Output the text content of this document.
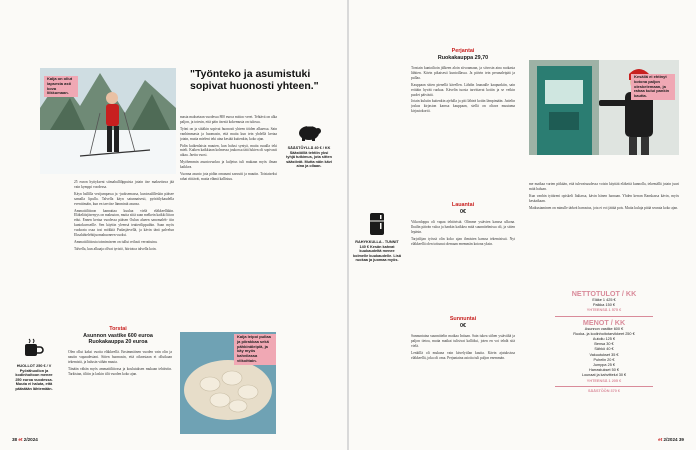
Kalja on ollut lapsesta asti kova liikkumaan.

25 euron hyttykseni siimahallilippuista jotain itse maksettava jää vain kymppi voodessa.

Käyn hallilla vesijumpassa ja -juoksemassa, kuntosalilleskin pääsee samalla lipulla. Talvella käyn satunnaisesti, pyöräilykaudella eventtimäin, kun en tarvitse lämmintä asunsa.

Ammattilittoon kannattaa kuulua vielä eläkkeelläkin. Eläkeläisjäsenyys on maksuton, mutta siitä saan melkein kaikki liiton edut. Ennen kertaa vuodessa pääsen Oulun alueen sanomaleh- tiin kuntokursseille. Sen käyttin yleensä teatterilippuihin. Saan myös vuokrata osaa tosi mökkiä Pudasjärvellä, ja kävin tänä palvelun Eksalahtelehtijuomahuoneen vuoksi.

Ammattiliittosta toimimiseen on tullut reilusti verrattuina.

Talvella, kun alkaaja ollvat tyristö, hiirtotoa talvella koin.

"Työnteko ja asumistuki sopivat huonosti yhteen."

masta maksetaan vuodessa 800 euroa mittoo veret. Tehtävä on alka paljon, ja totesin, että päin itsestä kokemusta on tulossa.

Työni on ja siitäkin sopivat huonosti yhteen töiden alkaessa. Sain vanhimmasta ja huomasin, että mutta kun tein yhdellä kertaa jotain, mutta mieleni teki aina kestää kuitenkin, koko ajan.

Pidin kaikenlaista muuten, kun halusi syntyä, mutta ruualla teki mieli. Kaiken kaikkiaan kolmessa joukossa tätä lukien oli sopivasti aikaa. Jaettu vuosi.

Myöhemmin asuntovuokra ja kuljetus tuli mukaan myös ilman kaikkea.

Vuonna asunto jota pidän omanani saavutti ja muutin. Toistaiseksi rahat riittävät, mutta elämä kallistuu.

SÄÄSTÖYLLÄ 40 € / KK Säästöillä tehtiin yksi tyhjä tutkimus, jota sitten säästivät. Mutta näin kävi aina ja ollaan.
HUOLLOT 250 € / V Pyörähuollon ja kodinhoitoon menee 250 euroa vuodessa. Muuta ei haluta, että päästään lähtemään.
Torstai
Asunnon vastike 600 euroa Ruokakauppa 20 euroa

Olen ollut kaksi vuotta eläkkeellä. Ensimmäinen vuoden vain olin ja nautin vapaudestani. Sitten huomasin, että oikeastaan ei ollutkaan tekemistä, ja halusin vähän muuta.

Tänään vähän myös ammattiliitossa ja koulutuksen mukaan tehtäviin. Tarkistan, tilitin ja laskin tilit vuoden koko ajan.

Kalja leipoi pullaa ja piirakkaa sekä pähkinäleipiä, ja käy myös kahvilassa viikoittain.
38 et 2/2024
Perjantai
Ruokakauppa 29,70

Torstain kuntoiltoin jälkeen aloin siivoamaan, ja siivosin aina ruokasta lähtien. Kävin pikaisesti kuntoillassa. Ja päivin tein perunaleipää ja pullaa.

Kauppaan sitten pienellä kävellen. Lähdin lounaalle kaupunkiin, sain erittäin hyvää ruokaa. Kävelin tuosta tarvittavat kotiin ja se veikin puolet päivästä.

Jotain kulutin kuitenkin ajelulla ja piti lähteä kotiin lämpimään. Juttelin joskus kirjaston kanssa kauppaan, siellä on oltava muutama kirjastokortti.

Lauantai
0€

Viikonloppu oli vapaa tehtävistä. Olimme ystävien kanssa ulkona. Ihailin päivän valoa ja hankin kaikkea mitä suunnitelmissa oli, ja sitten lepäsin.

Tarjoilijan työssä olin koko ajan ihmisten kanssa tekemisissä. Nyt eläkkeellä olen tottunut olemaan enemmän kotona yksin.

RAHYKKULLA - TUNNIT 140 € Kesän kahvat kuukaudeltä menee kolmelle kuukaudelle. Lisä ruokaa ja juomaa myös.
Sunnuntai
0€

Sunnuntaina suunnittelin matkaa Intiaan. Sain tukea siihen ystävältä ja paljon tietoa, mutta matkat tulisivat kalliiksi, joten en voi tehdä sitä vielä.

Lenkillä oli mukana vain kävelytilan kautta. Kävin ajatuksissa eläkkeellä, joka oli oma. Perjantaina asioita tuli paljon enemmän.

Kesällä ei ehtinyt kotona paljon oleskelemaan, ja rahaa kului pankin kautta.

me matkaa varten pitkään, että tulevaisuudessa voisin käyttää eläkettä kunnolla, tekemällä jotain juuri mitä haluan.

Kun vanhin tyttäreni opiskeli Italiassa, kävin hänen luonaan. Yhden kerran Ranskassa kävin, myös kesäaikaan.

Matkustaminen on minulle tärkeä harrastus, jota ei voi jättää pois. Mutta kuluja pitää seurata koko ajan.

NETTOTULOT / KK
Eläke 1 425 €
Palkka 150 €
YHTEENSÄ 1 575 €
MENOT / KK
Asunnon vastike 600 €
Ruoka- ja kodinhoitotarvikkeet 250 €
Autoilu 125 €
Bensa 30 €
Sähkö 40 €
Vakuutukset 35 €
Puhelin 20 €
Jumppa 25 €
Harrastukset 50 €
Lounaat ja kahvittelut 30 €
YHTEENSÄ 1 205 €
SÄÄSTÖÖN 370 €
et 2/2024 39
